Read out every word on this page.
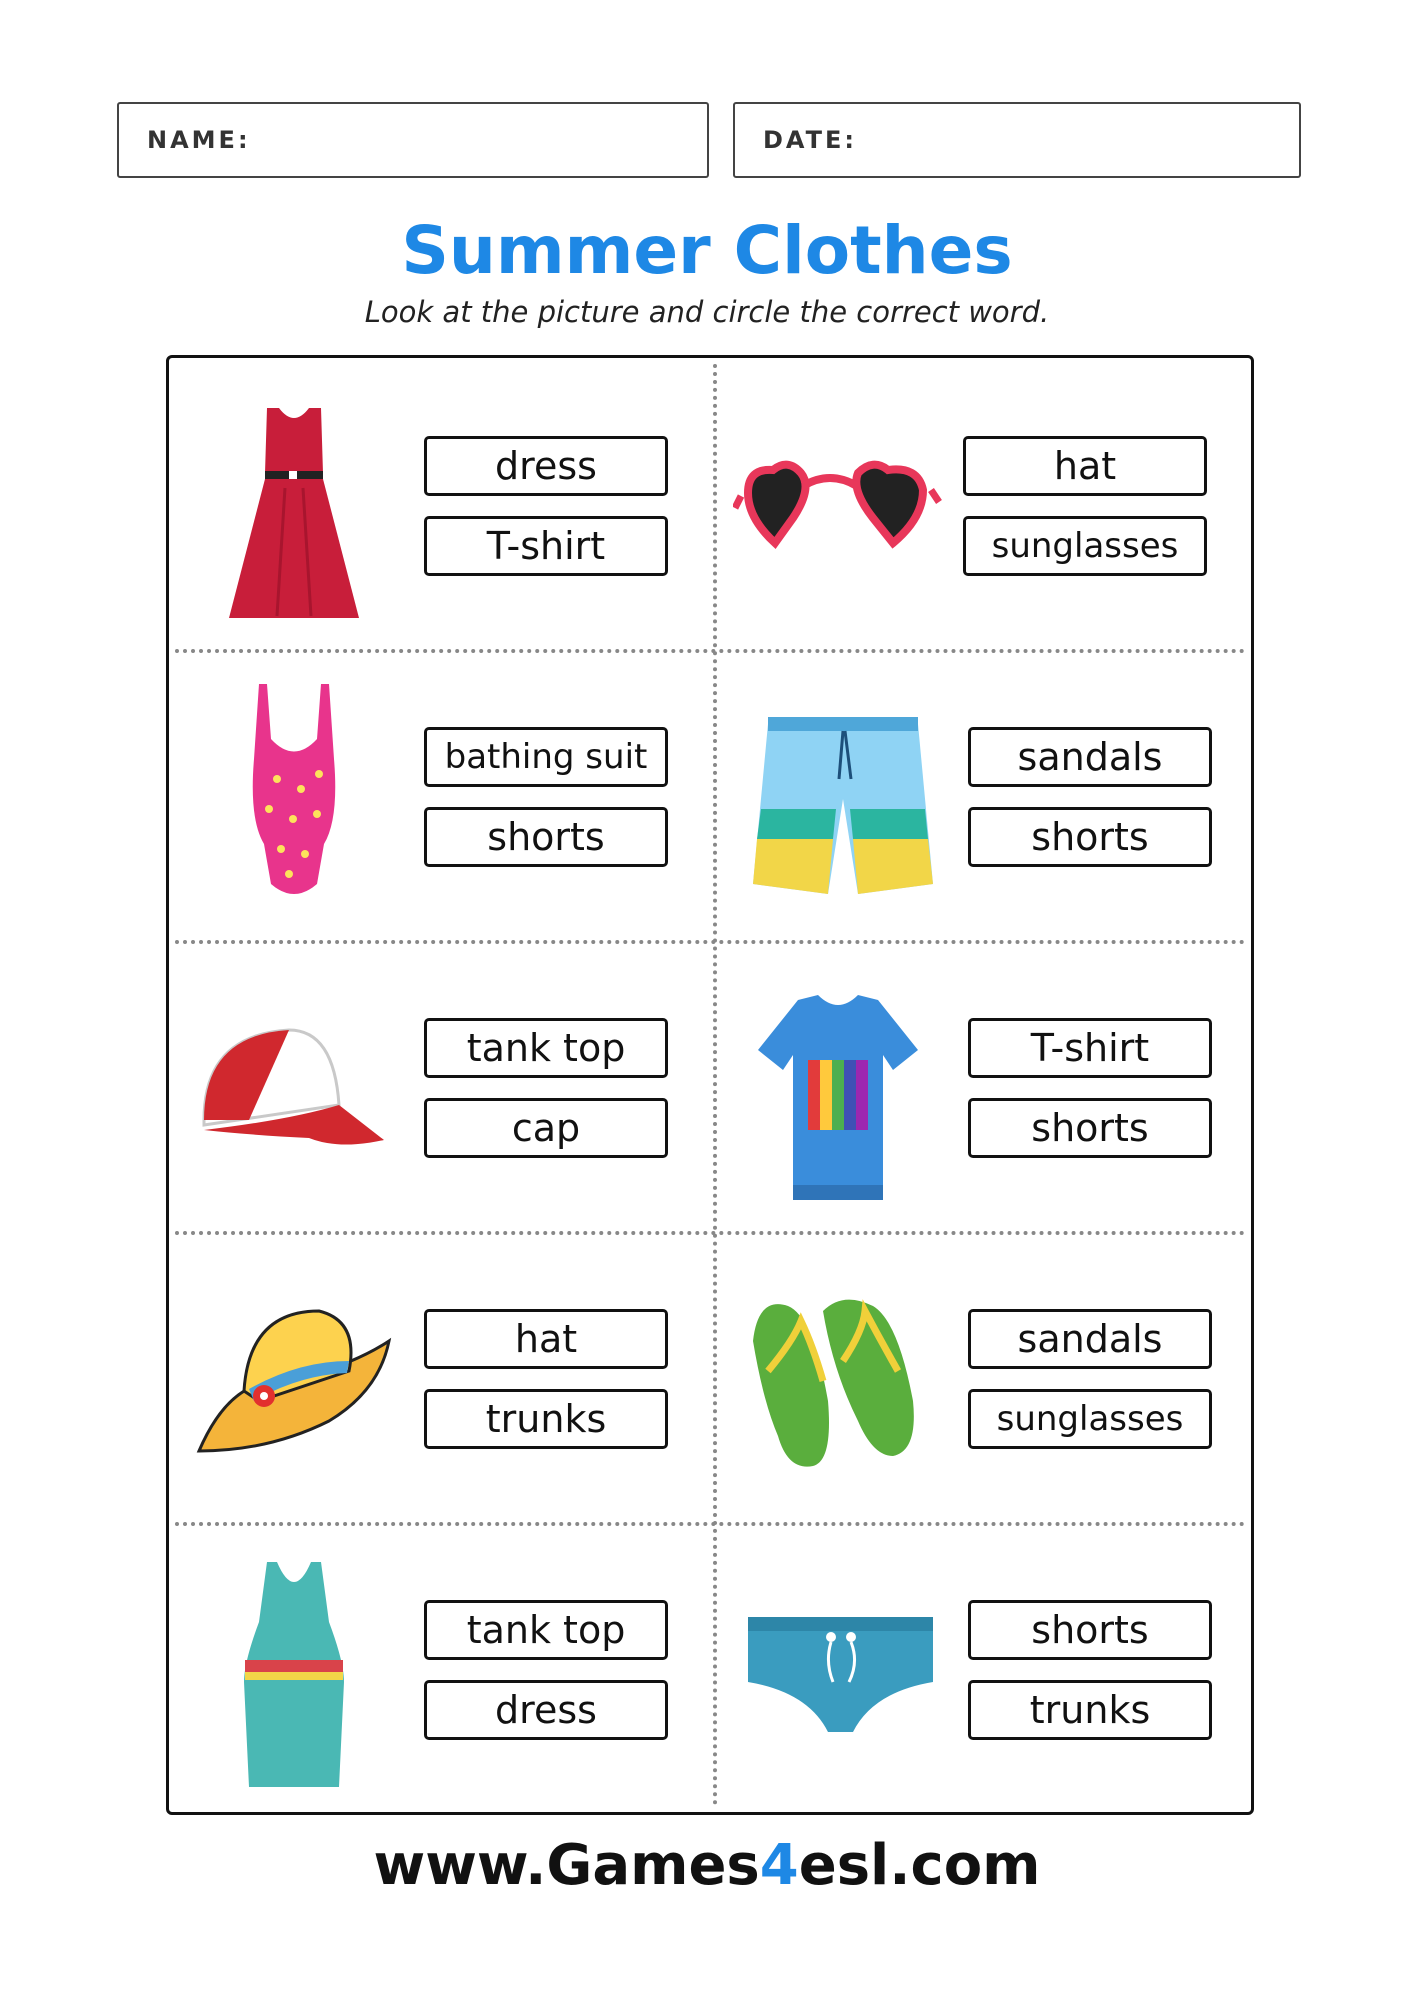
NAME:	DATE:
Summer Clothes

Look at the picture and circle the correct word.

dress
T-shirt
hat
sunglasses
bathing suit
shorts
sandals
shorts
tank top
cap
T-shirt
shorts
hat
trunks
sandals
sunglasses
tank top
dress
shorts
trunks

www.Games4esl.com
